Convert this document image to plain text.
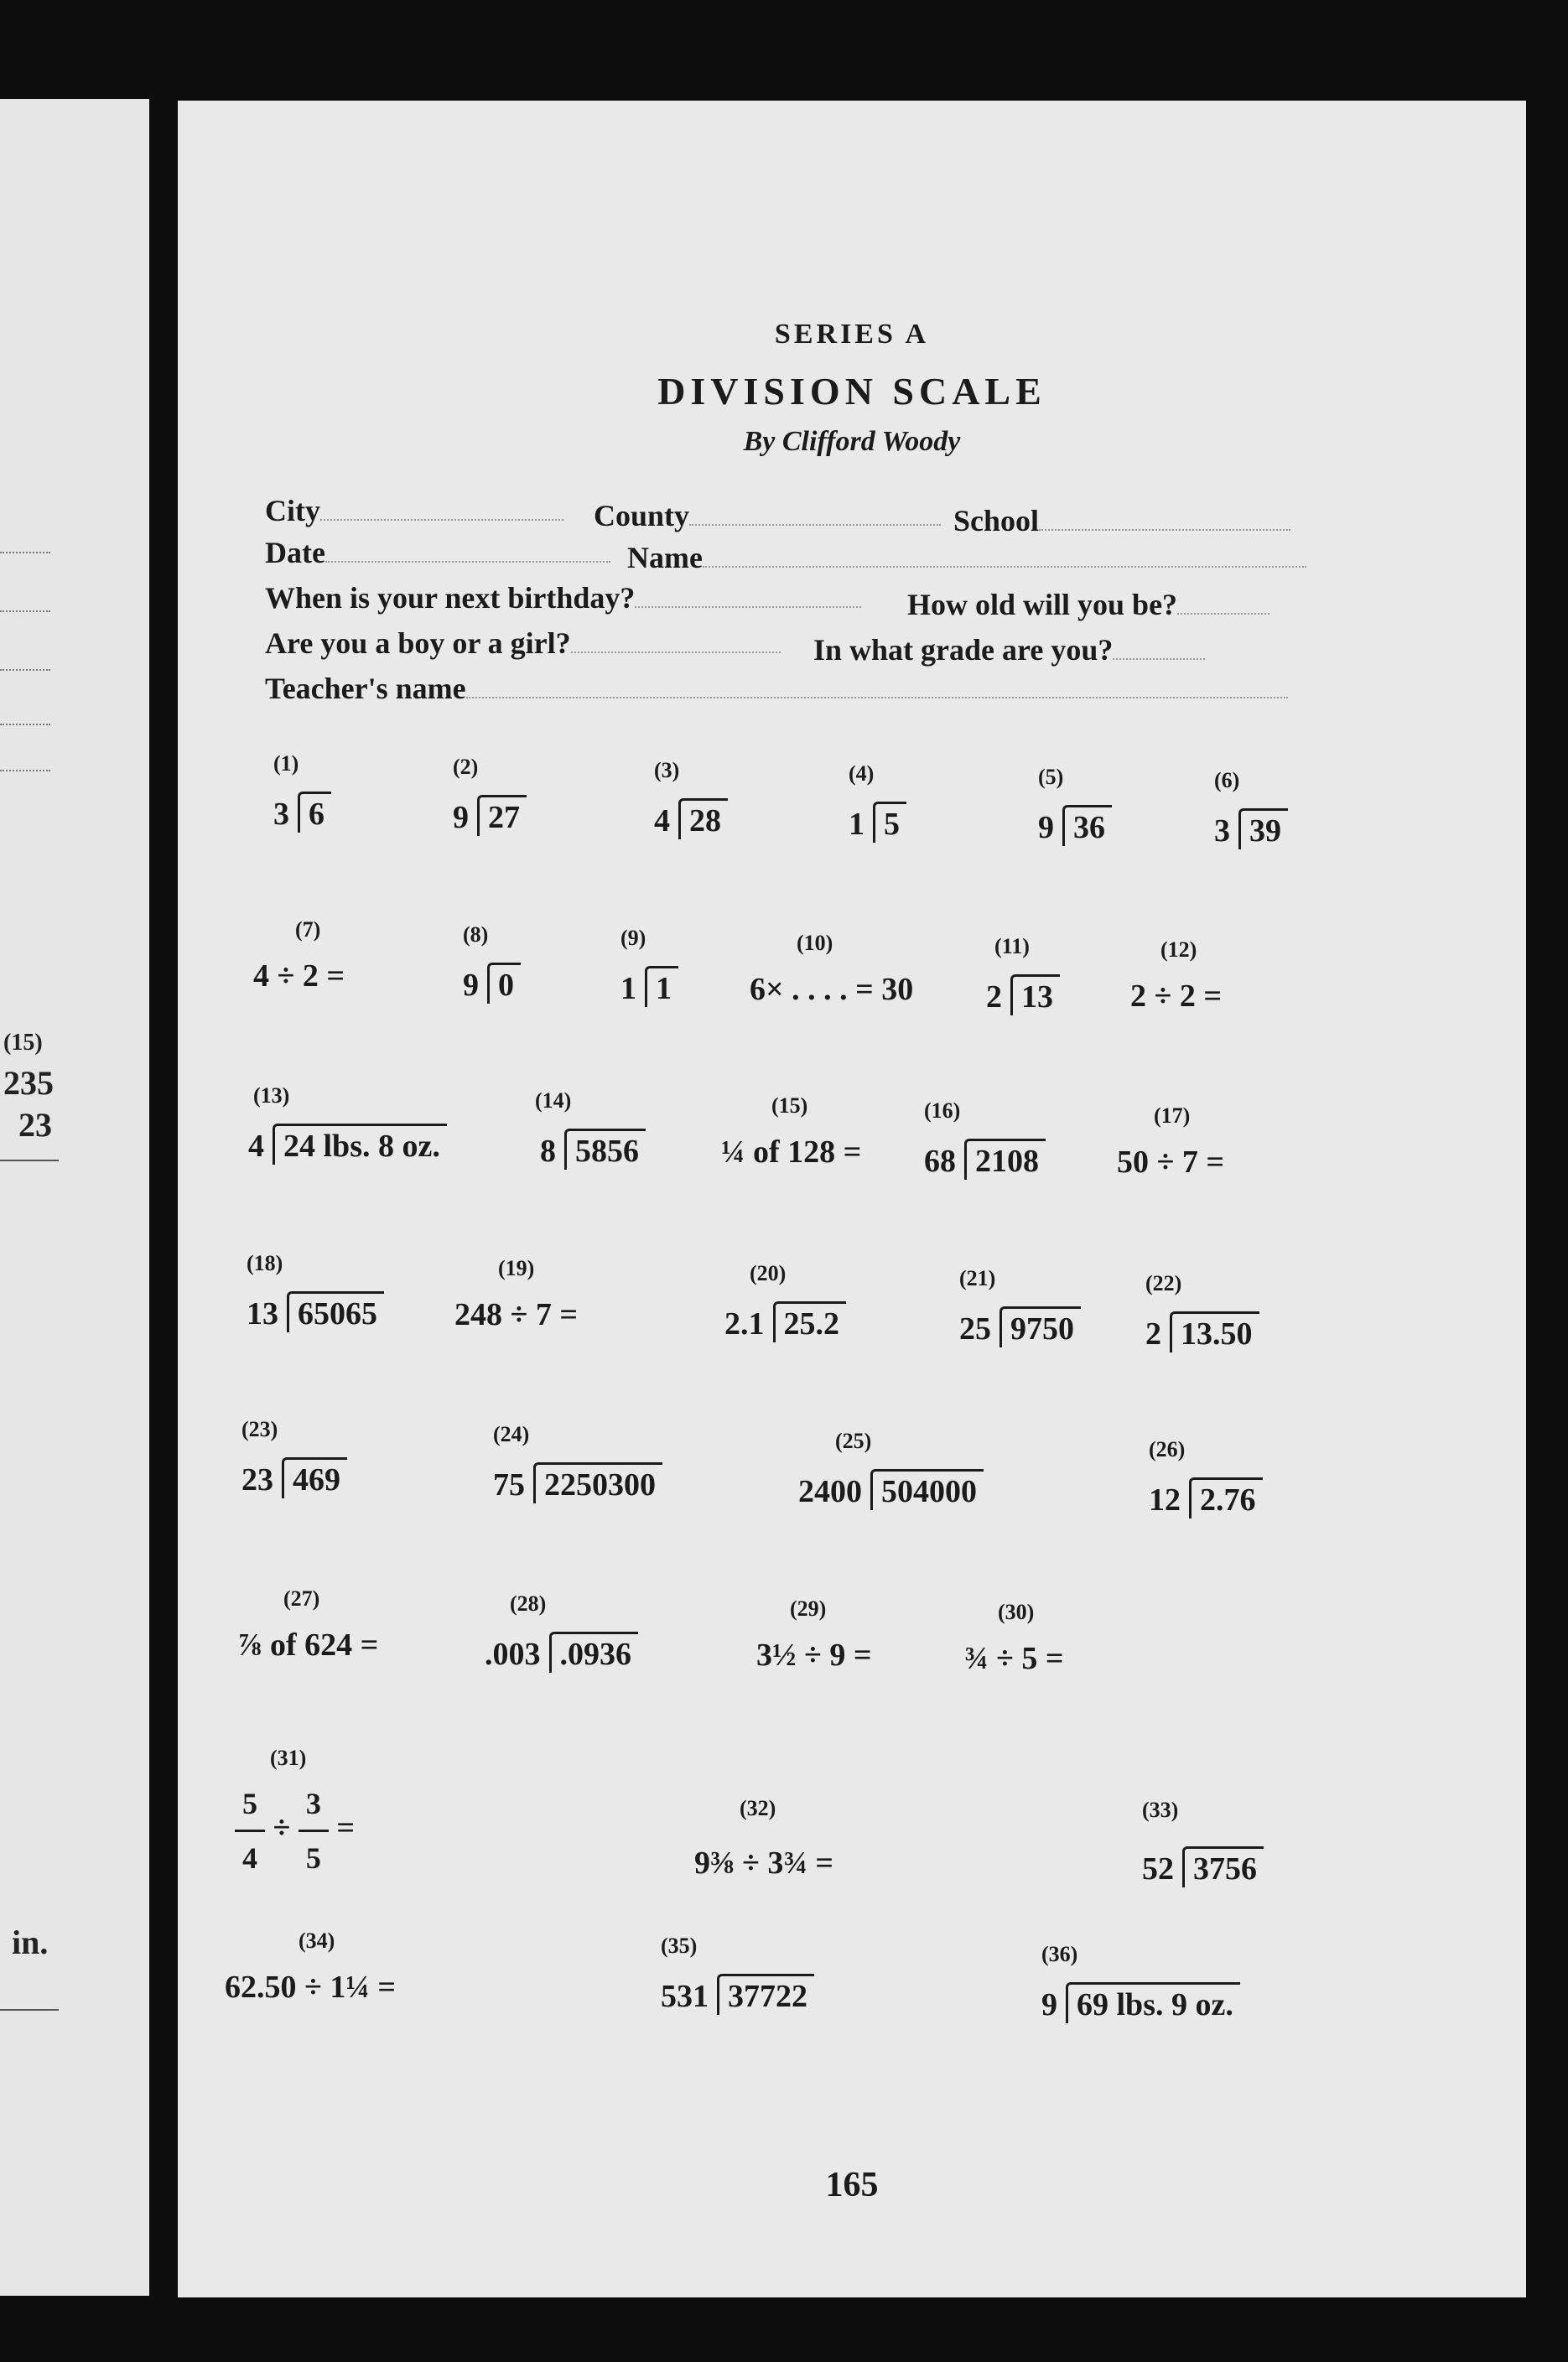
(15)
235
23
in.
SERIES A
DIVISION SCALE
By Clifford Woody
City	County	School
Date	Name
When is your next birthday?	How old will you be?
Are you a boy or a girl?	In what grade are you?
Teacher's name
(1)
3 6
(2)
9 27
(3)
4 28
(4)
1 5
(5)
9 36
(6)
3 39
(7)
4 ÷ 2 =
(8)
9 0
(9)
1 1
(10)
6× . . . . = 30
(11)
2 13
(12)
2 ÷ 2 =
(13)
4 24 lbs. 8 oz.
(14)
8 5856
(15)
¼ of 128 =
(16)
68 2108
(17)
50 ÷ 7 =
(18)
13 65065
(19)
248 ÷ 7 =
(20)
2.1 25.2
(21)
25 9750
(22)
2 13.50
(23)
23 469
(24)
75 2250300
(25)
2400 504000
(26)
12 2.76
(27)
⅞ of 624 =
(28)
.003 .0936
(29)
3½ ÷ 9 =
(30)
¾ ÷ 5 =
(31)
$\frac{5}{4} \div \frac{3}{5}$ =
(32)
9⅜ ÷ 3¾ =
(33)
52 3756
(34)
62.50 ÷ 1¼ =
(35)
531 37722
(36)
9 69 lbs. 9 oz.
165
